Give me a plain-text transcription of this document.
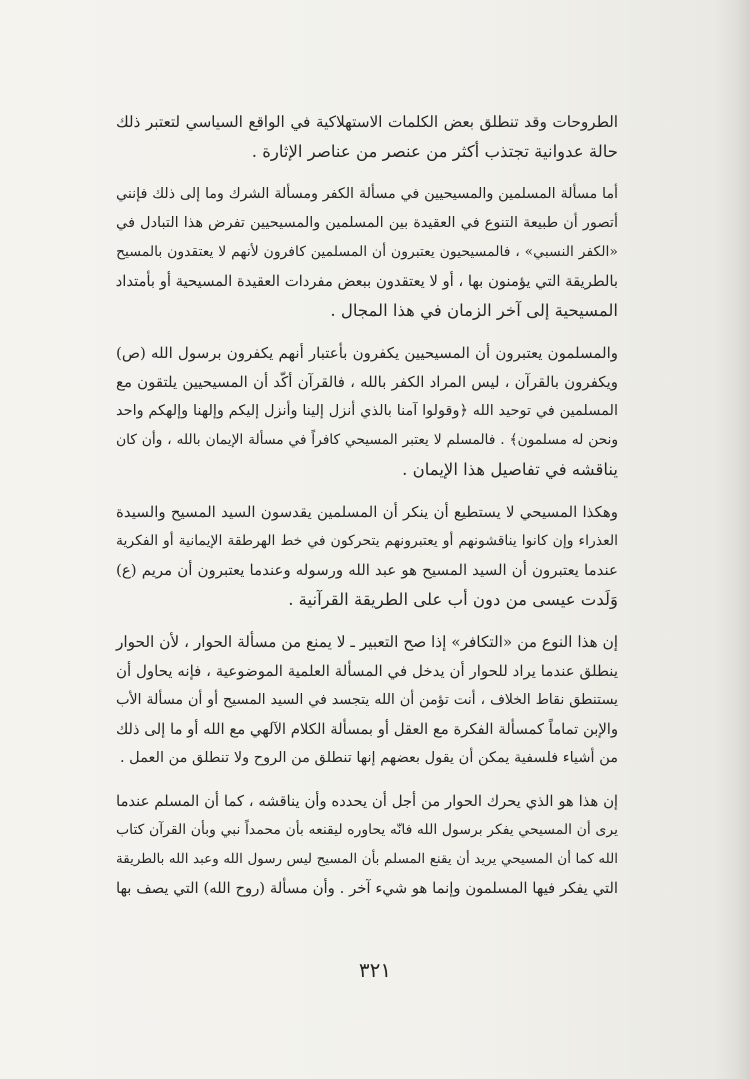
الطروحات وقد تنطلق بعض الكلمات الاستهلاكية في الواقع السياسي لتعتبر ذلك
حالة عدوانية تجتذب أكثر من عنصر من عناصر الإثارة .

أما مسألة المسلمين والمسيحيين في مسألة الكفر ومسألة الشرك وما إلى ذلك فإنني
أتصور أن طبيعة التنوع في العقيدة بين المسلمين والمسيحيين تفرض هذا التبادل في
«الكفر النسبي» ، فالمسيحيون يعتبرون أن المسلمين كافرون لأنهم لا يعتقدون بالمسيح
بالطريقة التي يؤمنون بها ، أو لا يعتقدون ببعض مفردات العقيدة المسيحية أو بأمتداد
المسيحية إلى آخر الزمان في هذا المجال .

والمسلمون يعتبرون أن المسيحيين يكفرون بأعتبار أنهم يكفرون برسول الله (ص)
ويكفرون بالقرآن ، ليس المراد الكفر بالله ، فالقرآن أكّد أن المسيحيين يلتقون مع
المسلمين في توحيد الله ﴿وقولوا آمنا بالذي أنزل إلينا وأنزل إليكم وإلهنا وإلهكم واحد
ونحن له مسلمون﴾ . فالمسلم لا يعتبر المسيحي كافراً في مسألة الإيمان بالله ، وأن كان
يناقشه في تفاصيل هذا الإيمان .

وهكذا المسيحي لا يستطيع أن ينكر أن المسلمين يقدسون السيد المسيح والسيدة
العذراء وإن كانوا يناقشونهم أو يعتبرونهم يتحركون في خط الهرطقة الإيمانية أو الفكرية
عندما يعتبرون أن السيد المسيح هو عبد الله ورسوله وعندما يعتبرون أن مريم (ع)
وَلَدت عيسى من دون أب على الطريقة القرآنية .

إن هذا النوع من «التكافر» إذا صح التعبير ـ لا يمنع من مسألة الحوار ، لأن الحوار
ينطلق عندما يراد للحوار أن يدخل في المسألة العلمية الموضوعية ، فإنه يحاول أن
يستنطق نقاط الخلاف ، أنت تؤمن أن الله يتجسد في السيد المسيح أو أن مسألة الأب
والإبن تماماً كمسألة الفكرة مع العقل أو بمسألة الكلام الآلهي مع الله أو ما إلى ذلك
من أشياء فلسفية يمكن أن يقول بعضهم إنها تنطلق من الروح ولا تنطلق من العمل .

إن هذا هو الذي يحرك الحوار من أجل أن يحدده وأن يناقشه ، كما أن المسلم عندما
يرى أن المسيحي يفكر برسول الله فانّه يحاوره ليقنعه بأن محمداً نبي وبأن القرآن كتاب
الله كما أن المسيحي يريد أن يقنع المسلم بأن المسيح ليس رسول الله وعبد الله بالطريقة
التي يفكر فيها المسلمون وإنما هو شيء آخر . وأن مسألة (روح الله) التي يصف بها

٣٢١
